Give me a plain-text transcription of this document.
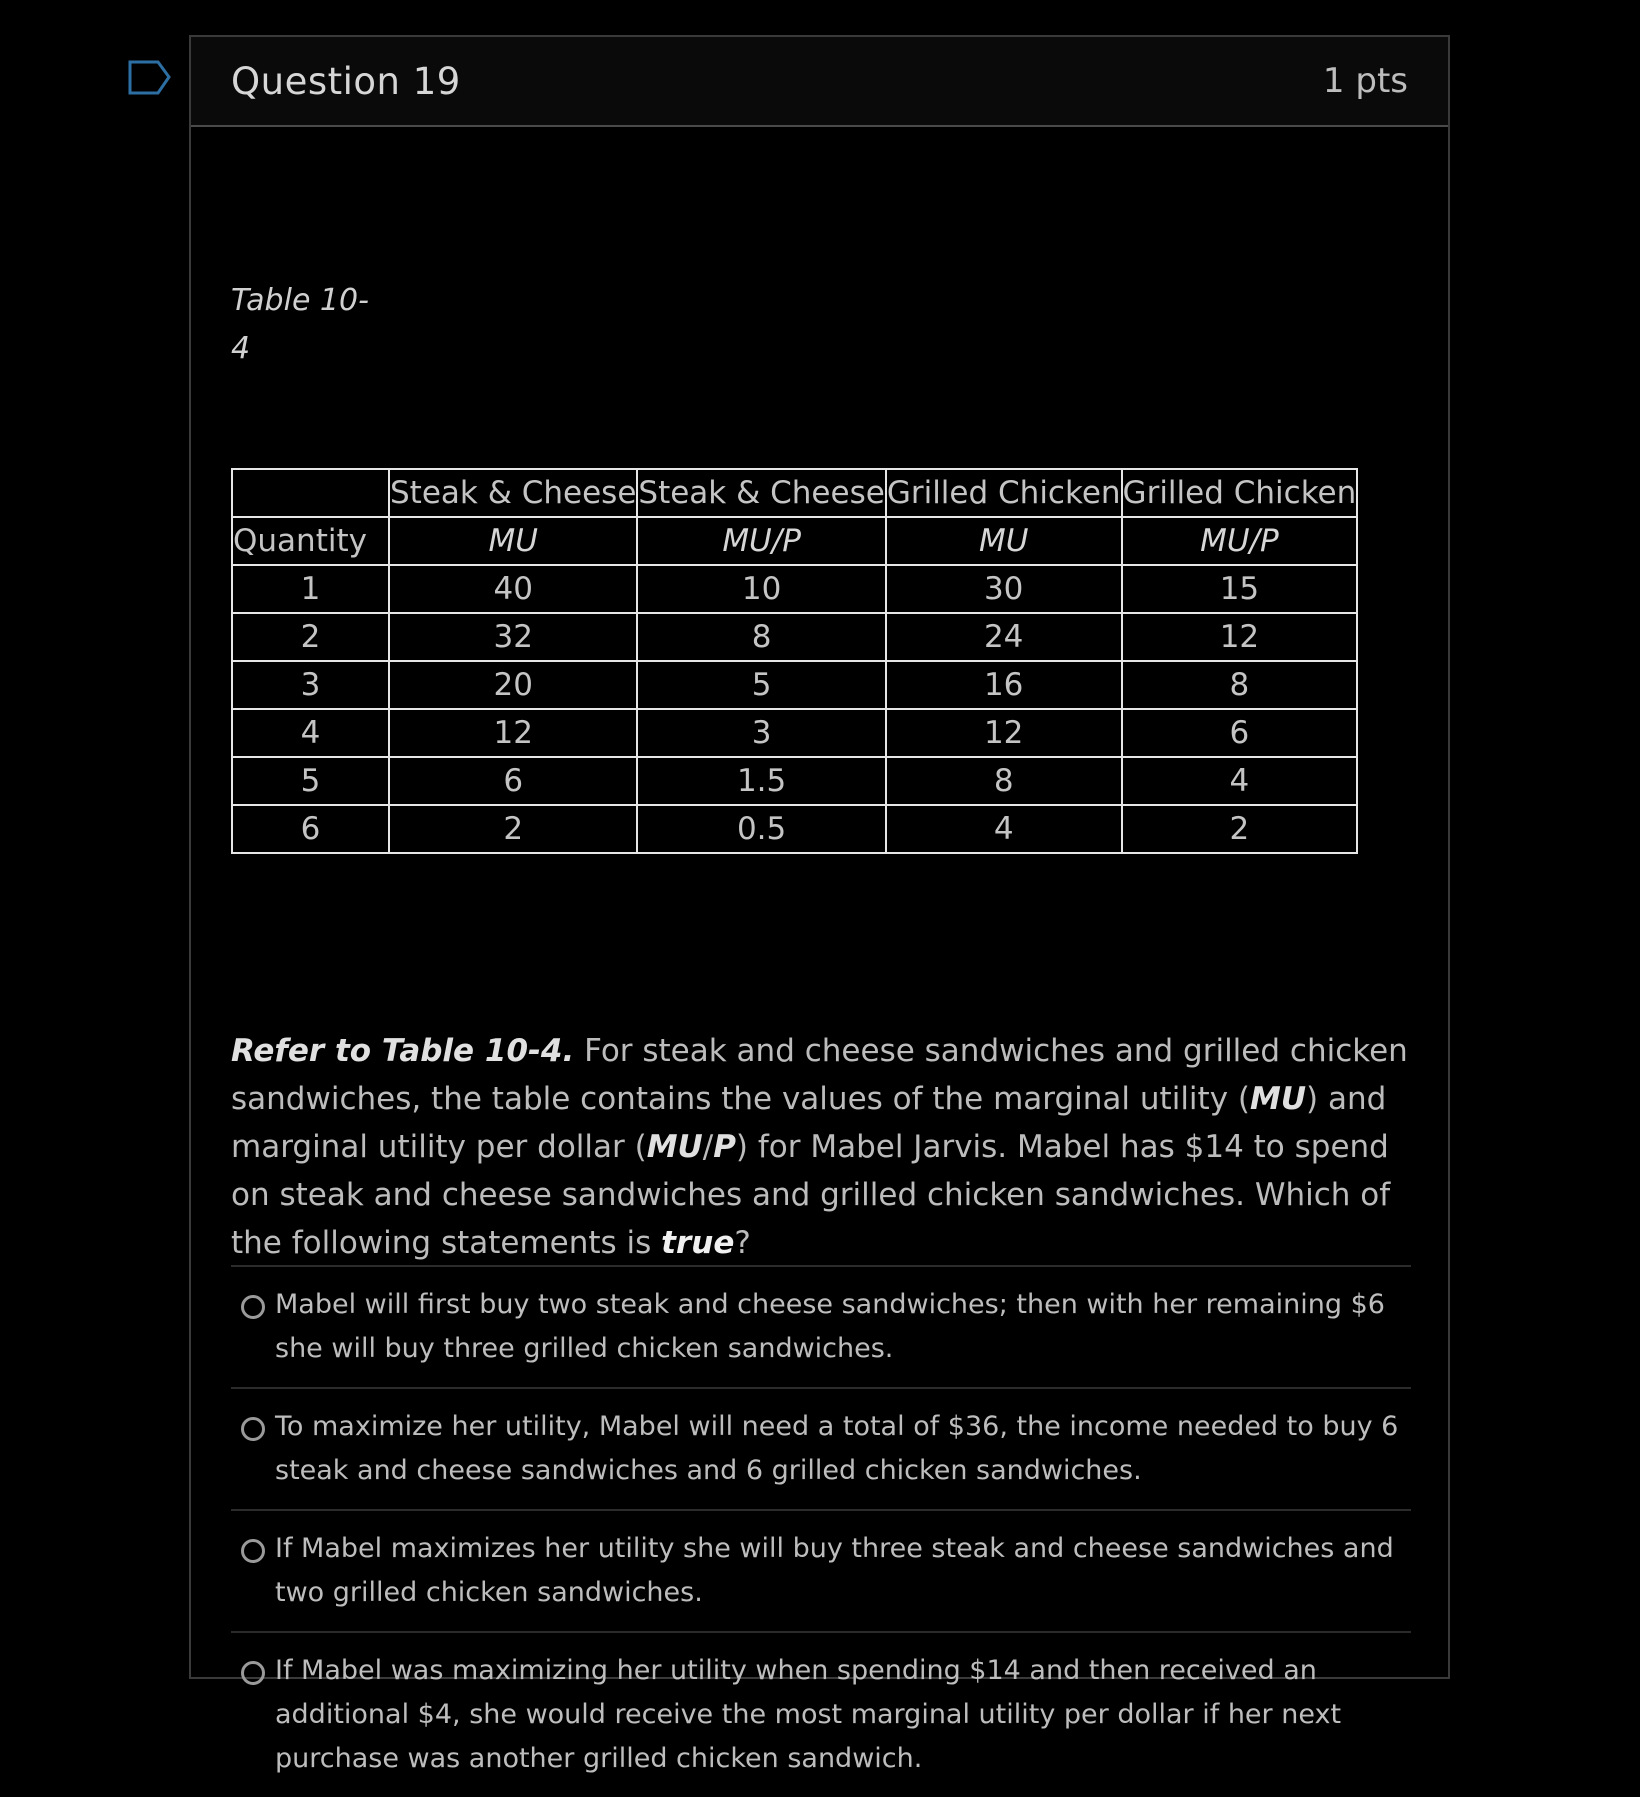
Question 19	1 pts
Table 10-
4
	Steak & Cheese	Steak & Cheese	Grilled Chicken	Grilled Chicken
Quantity	MU	MU/P	MU	MU/P
1	40	10	30	15
2	32	8	24	12
3	20	5	16	8
4	12	3	12	6
5	6	1.5	8	4
6	2	0.5	4	2
Refer to Table 10-4. For steak and cheese sandwiches and grilled chicken sandwiches, the table contains the values of the marginal utility (MU) and marginal utility per dollar (MU/P) for Mabel Jarvis. Mabel has $14 to spend on steak and cheese sandwiches and grilled chicken sandwiches. Which of the following statements is true?
Mabel will first buy two steak and cheese sandwiches; then with her remaining $6 she will buy three grilled chicken sandwiches.
To maximize her utility, Mabel will need a total of $36, the income needed to buy 6 steak and cheese sandwiches and 6 grilled chicken sandwiches.
If Mabel maximizes her utility she will buy three steak and cheese sandwiches and two grilled chicken sandwiches.
If Mabel was maximizing her utility when spending $14 and then received an additional $4, she would receive the most marginal utility per dollar if her next purchase was another grilled chicken sandwich.
